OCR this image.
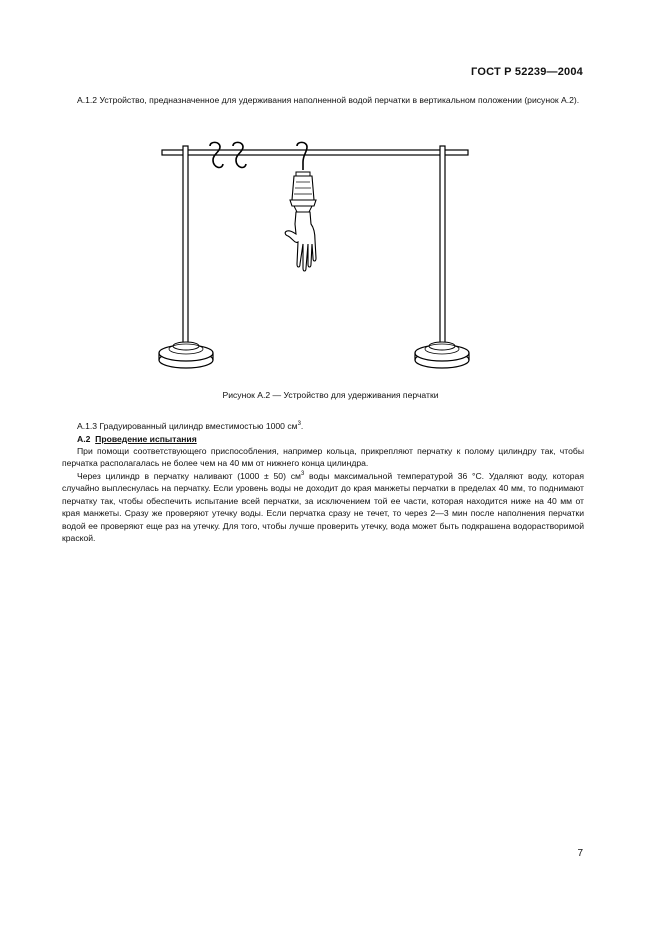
ГОСТ Р 52239—2004
А.1.2 Устройство, предназначенное для удерживания наполненной водой перчатки в вертикальном положении (рисунок А.2).
Рисунок А.2 — Устройство для удерживания перчатки
А.1.3 Градуированный цилиндр вместимостью 1000 $см^3$.
А.2 Проведение испытания
При помощи соответствующего приспособления, например кольца, прикрепляют перчатку к полому цилиндру так, чтобы перчатка располагалась не более чем на 40 мм от нижнего конца цилиндра.
Через цилиндр в перчатку наливают (1000 ± 50) $см^3$ воды максимальной температурой 36 °С. Удаляют воду, которая случайно выплеснулась на перчатку. Если уровень воды не доходит до края манжеты перчатки в пределах 40 мм, то поднимают перчатку так, чтобы обеспечить испытание всей перчатки, за исключением той ее части, которая находится ниже на 40 мм от края манжеты. Сразу же проверяют утечку воды. Если перчатка сразу не течет, то через 2—3 мин после наполнения перчатки водой ее проверяют еще раз на утечку. Для того, чтобы лучше проверить утечку, вода может быть подкрашена водорастворимой краской.
7
